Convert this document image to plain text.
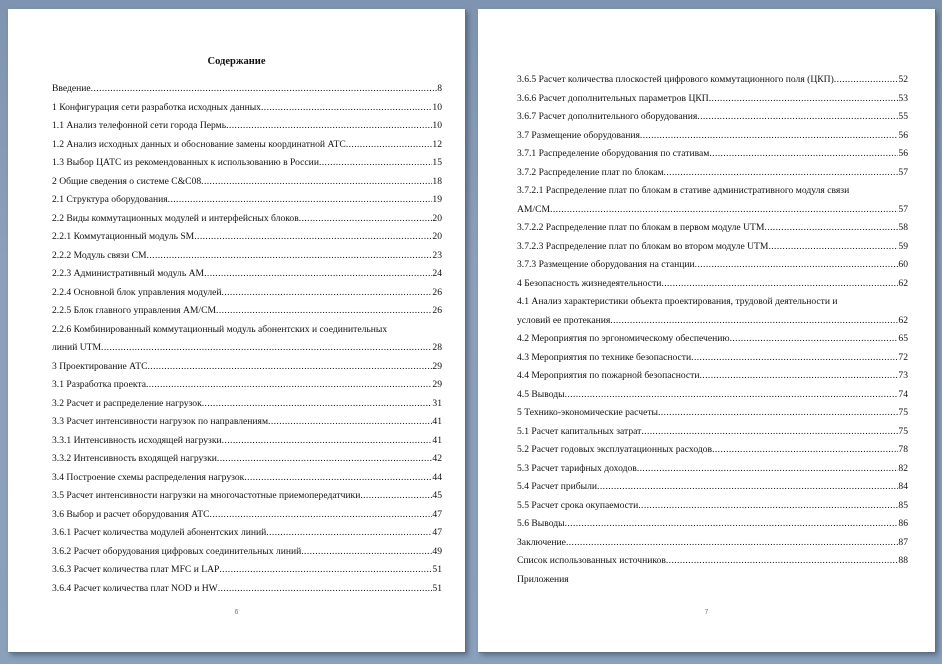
Содержание
Введение .....	8
1 Конфигурация сети разработка исходных данных .....	10
1.1 Анализ телефонной сети города Пермь .....	10
1.2 Анализ исходных данных и обоснование замены координатной АТС .....	12
1.3 Выбор ЦАТС из рекомендованных к использованию в России .....	15
2 Общие сведения о системе C&C08 .....	18
2.1 Структура оборудования .....	19
2.2 Виды коммутационных модулей и интерфейсных блоков .....	20
2.2.1 Коммутационный модуль SM .....	20
2.2.2 Модуль связи CM .....	23
2.2.3 Административный модуль AM .....	24
2.2.4 Основной блок управления модулей .....	26
2.2.5 Блок главного управления AM/CM .....	26
2.2.6 Комбинированный коммутационный модуль абонентских и соединительных
линий UTM .....	28
3 Проектирование АТС .....	29
3.1 Разработка проекта .....	29
3.2 Расчет и распределение нагрузок .....	31
3.3 Расчет интенсивности нагрузок по направлениям .....	41
3.3.1 Интенсивность исходящей нагрузки .....	41
3.3.2 Интенсивность входящей нагрузки .....	42
3.4 Построение схемы распределения нагрузок .....	44
3.5 Расчет интенсивности нагрузки на многочастотные приемопередатчики .....	45
3.6 Выбор и расчет оборудования АТС .....	47
3.6.1 Расчет количества модулей абонентских линий .....	47
3.6.2 Расчет оборудования цифровых соединительных линий .....	49
3.6.3 Расчет количества плат MFC и LAP .....	51
3.6.4 Расчет количества плат NOD и HW .....	51
6
3.6.5 Расчет количества плоскостей цифрового коммутационного поля (ЦКП) .....	52
3.6.6 Расчет дополнительных параметров ЦКП .....	53
3.6.7 Расчет дополнительного оборудования .....	55
3.7 Размещение оборудования .....	56
3.7.1 Распределение оборудования по стативам .....	56
3.7.2 Распределение плат по блокам .....	57
3.7.2.1 Распределение плат по блокам в стативе административного модуля связи
AM/CM .....	57
3.7.2.2 Распределение плат по блокам в первом модуле UTM .....	58
3.7.2.3 Распределение плат по блокам во втором модуле UTM .....	59
3.7.3 Размещение оборудования на станции .....	60
4 Безопасность жизнедеятельности .....	62
4.1 Анализ характеристики объекта проектирования, трудовой деятельности и
условий ее протекания .....	62
4.2 Мероприятия по эргономическому обеспечению .....	65
4.3 Мероприятия по технике безопасности .....	72
4.4 Мероприятия по пожарной безопасности .....	73
4.5 Выводы .....	74
5 Технико-экономические расчеты .....	75
5.1 Расчет капитальных затрат .....	75
5.2 Расчет годовых эксплуатационных расходов .....	78
5.3 Расчет тарифных доходов .....	82
5.4 Расчет прибыли .....	84
5.5 Расчет срока окупаемости .....	85
5.6 Выводы .....	86
Заключение .....	87
Список использованных источников .....	88
Приложения
7
